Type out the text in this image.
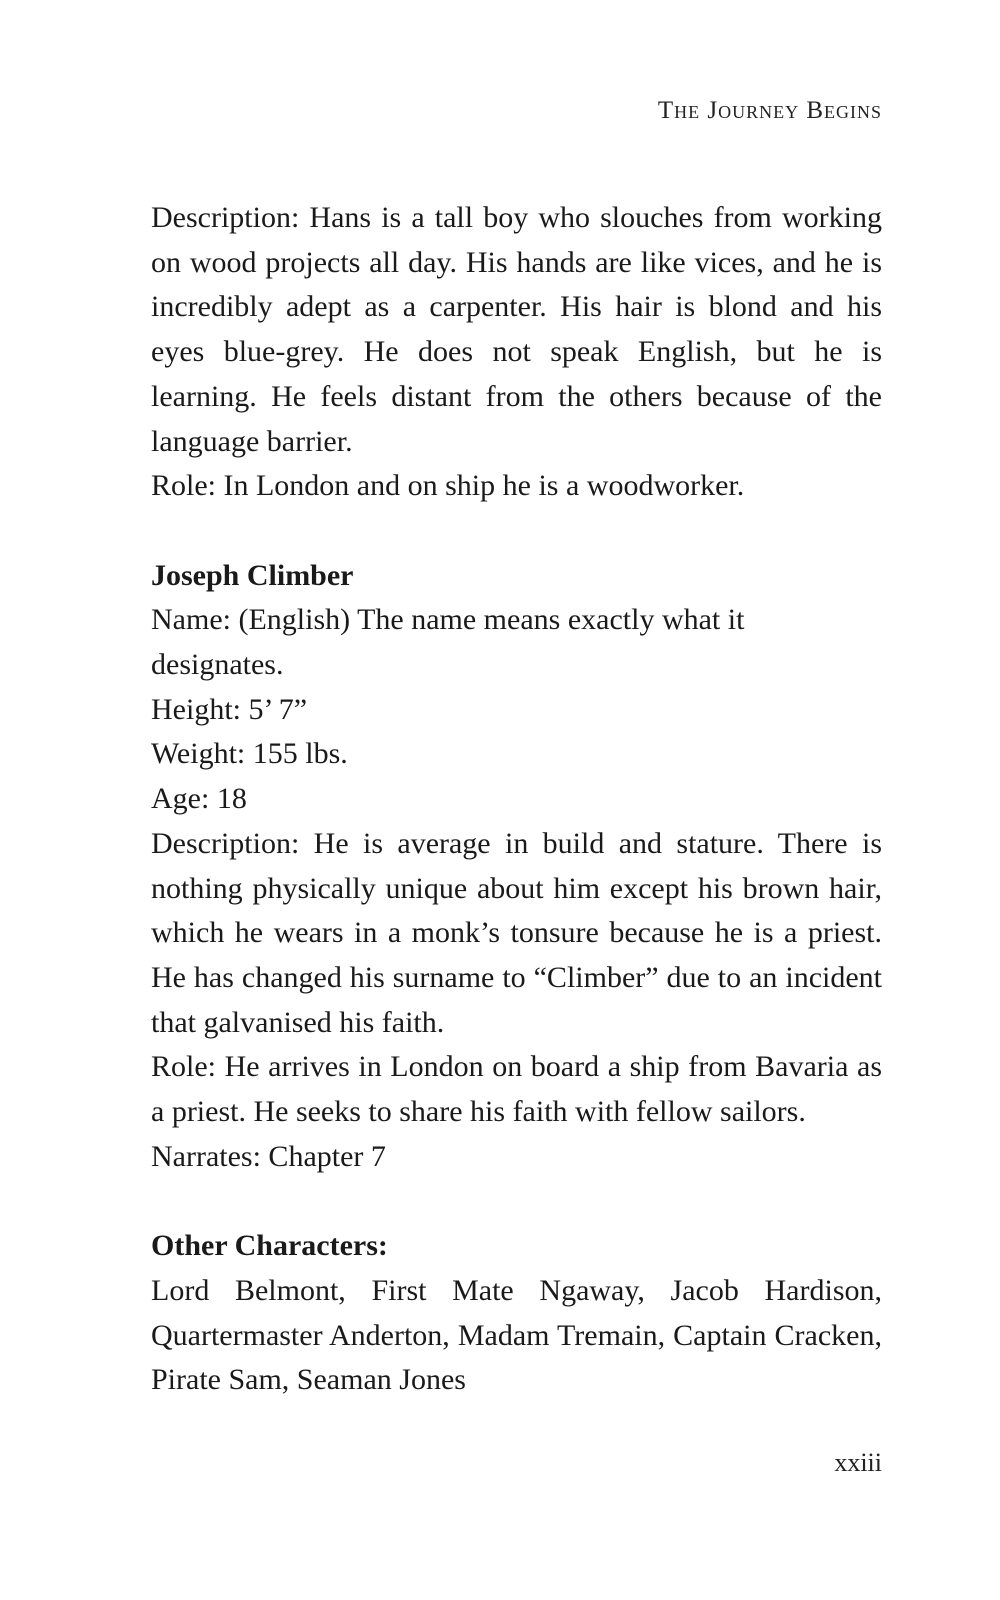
The Journey Begins

Description: Hans is a tall boy who slouches from working on wood projects all day. His hands are like vices, and he is incredibly adept as a carpenter. His hair is blond and his eyes blue-grey. He does not speak English, but he is learning. He feels distant from the others because of the language barrier.

Role: In London and on ship he is a woodworker.

Joseph Climber

Name: (English) The name means exactly what it designates.

Height: 5’ 7”

Weight: 155 lbs.

Age: 18

Description: He is average in build and stature. There is nothing physically unique about him except his brown hair, which he wears in a monk’s tonsure because he is a priest. He has changed his surname to “Climber” due to an incident that galvanised his faith.

Role: He arrives in London on board a ship from Bavaria as a priest. He seeks to share his faith with fellow sailors.

Narrates: Chapter 7

Other Characters:

Lord Belmont, First Mate Ngaway, Jacob Hardison, Quartermaster Anderton, Madam Tremain, Captain Cracken, Pirate Sam, Seaman Jones

xxiii
